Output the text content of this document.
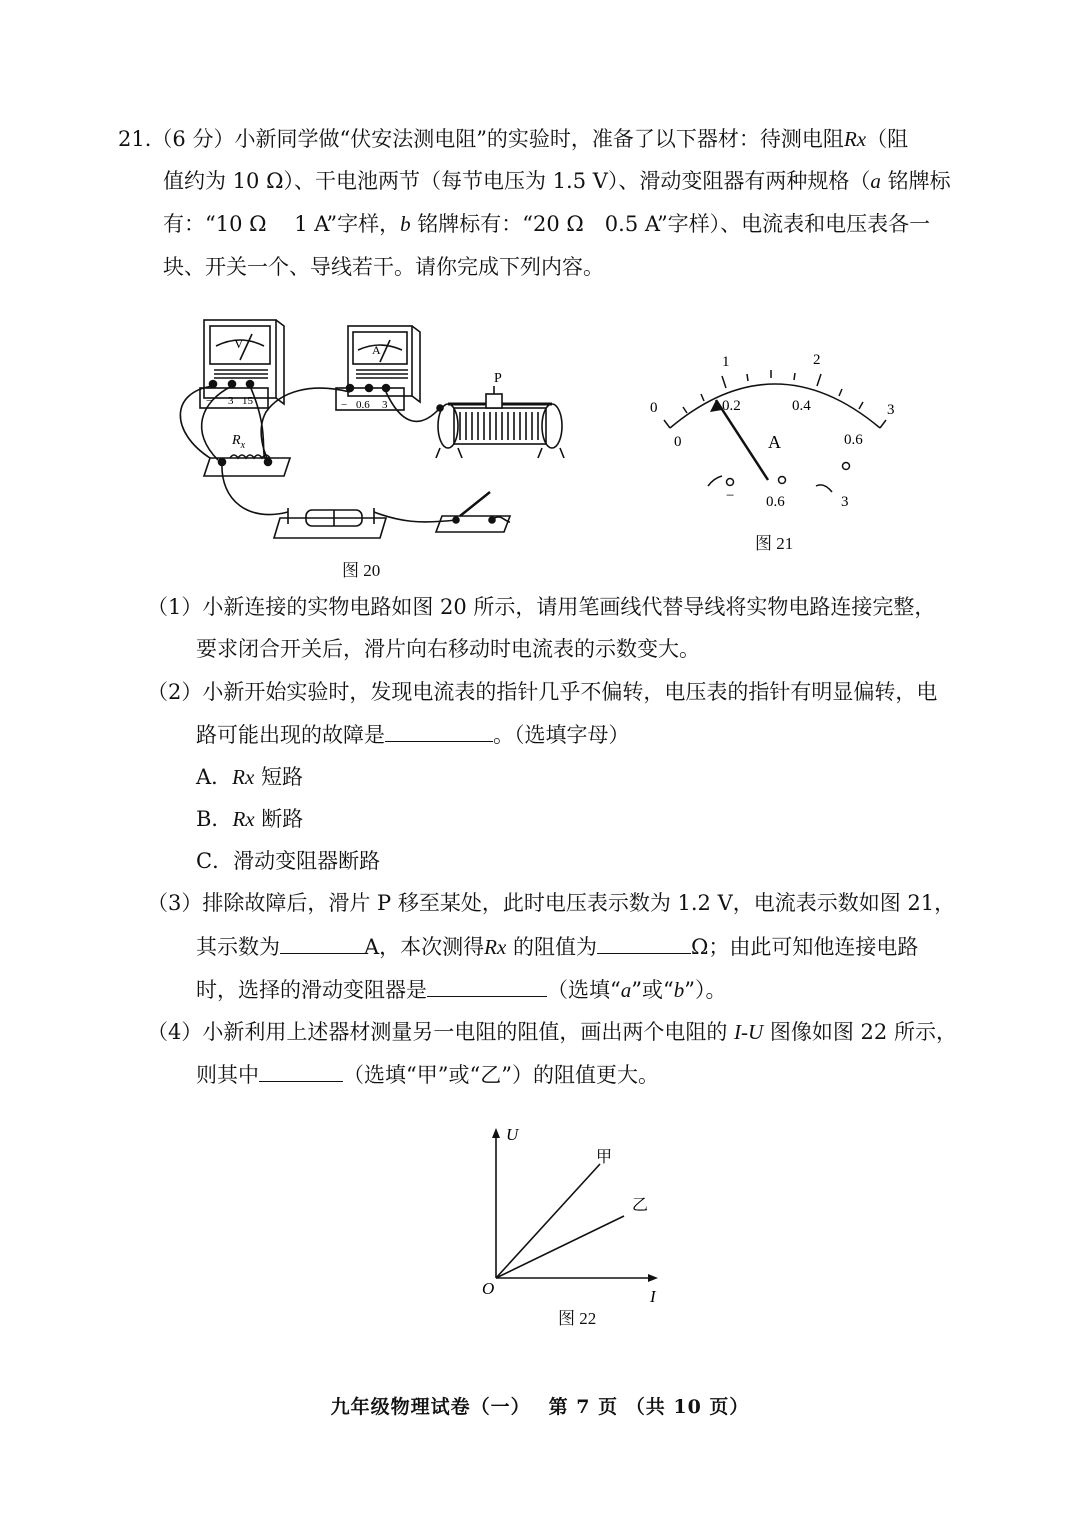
21.（6 分）小新同学做“伏安法测电阻”的实验时，准备了以下器材：待测电阻Rx（阻
值约为 10 Ω）、干电池两节（每节电压为 1.5 V）、滑动变阻器有两种规格（a 铭牌标
有：“10 Ω　 1 A”字样，b 铭牌标有：“20 Ω　0.5 A”字样）、电流表和电压表各一
块、开关一个、导线若干。请你完成下列内容。
V	A
− 3 15	− 0.6 3
P
$R_x$
图 20
0
1	2
3
0
0.2	0.4
0.6
A
− 0.6	3
图 21
（1）小新连接的实物电路如图 20 所示，请用笔画线代替导线将实物电路连接完整，
要求闭合开关后，滑片向右移动时电流表的示数变大。
（2）小新开始实验时，发现电流表的指针几乎不偏转，电压表的指针有明显偏转，电
路可能出现的故障是	。（选填字母）
A．Rx 短路
B．Rx 断路
C．滑动变阻器断路
（3）排除故障后，滑片 P 移至某处，此时电压表示数为 1.2 V，电流表示数如图 21，
其示数为	A，本次测得Rx 的阻值为	Ω；由此可知他连接电路
时，选择的滑动变阻器是	（选填“a”或“b”）。
（4）小新利用上述器材测量另一电阻的阻值，画出两个电阻的 I-U 图像如图 22 所示，
则其中	（选填“甲”或“乙”）的阻值更大。
U
I
O
甲
乙
图 22
九年级物理试卷（一）　 第 7 页 （共 10 页）
